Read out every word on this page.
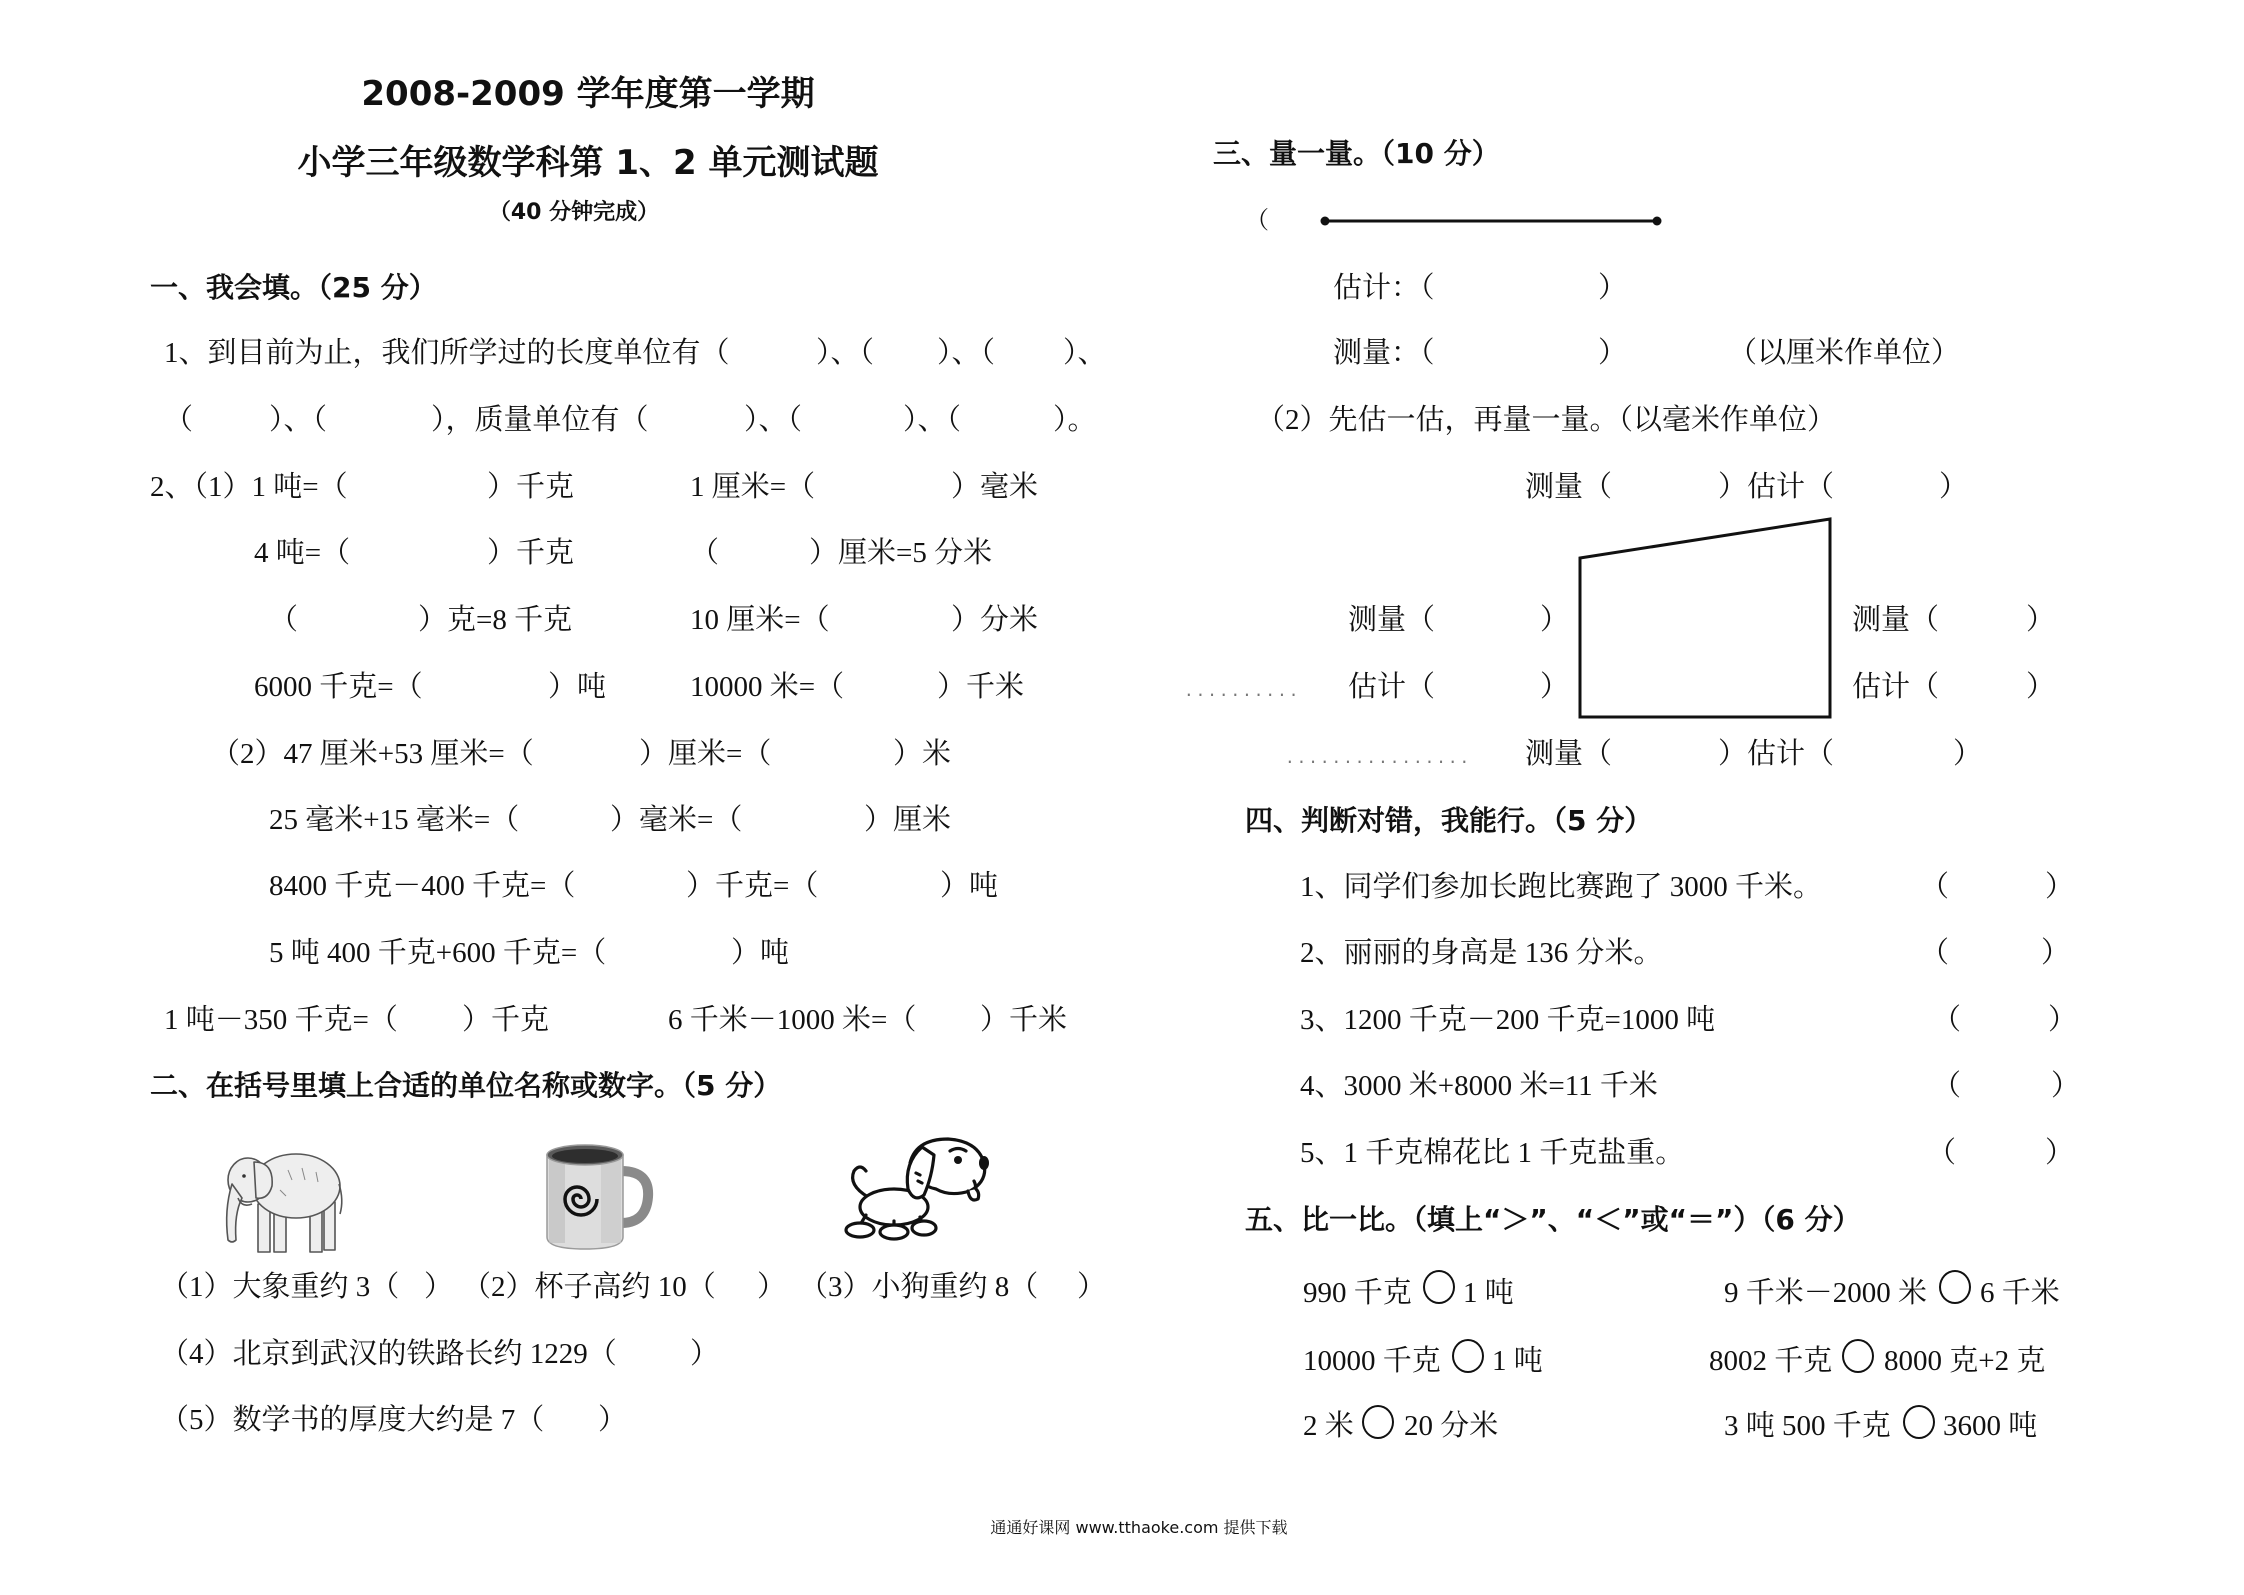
2008-2009 学年度第一学期
小学三年级数学科第 1、2 单元测试题
（40 分钟完成）
一、我会填。（25 分）
1、到目前为止，我们所学过的长度单位有（	）、（ ）、（ ）、
（	）、（	），质量单位有（	）、（	）、（	）。
2、（1）1 吨=（	）千克	1 厘米=（	）毫米
4 吨=（	）千克	（	）厘米=5 分米
（	）克=8 千克	10 厘米=（	）分米
6000 千克=（	）吨	10000 米=（	）千米
（2）47 厘米+53 厘米=（	）厘米=（	）米
25 毫米+15 毫米=（	）毫米=（	）厘米
8400 千克－400 千克=（	）千克=（	）吨
5 吨 400 千克+600 千克=（	）吨
1 吨－350 千克=（ ）千克	6 千米－1000 米=（ ）千米
二、在括号里填上合适的单位名称或数字。（5 分）
（1）大象重约 3（ ） （2）杯子高约 10（ ） （3）小狗重约 8（ ）
（4）北京到武汉的铁路长约 1229（	）
（5）数学书的厚度大约是 7（ ）
三、量一量。（10 分）
（
估计：（	）
测量：（	）	（以厘米作单位）
（2）先估一估，再量一量。（以毫米作单位）
测量（	）估计（	）
测量（	）
估计（	）
..........
测量（	）
估计（	）
................ 测量（	）估计（	）
四、判断对错，我能行。（5 分）
1、同学们参加长跑比赛跑了 3000 千米。	（	）
2、丽丽的身高是 136 分米。	（	）
3、1200 千克－200 千克=1000 吨	（	）
4、3000 米+8000 米=11 千米	（	）
5、1 千克棉花比 1 千克盐重。	（	）
五、比一比。（填上“＞”、“＜”或“＝”）（6 分）
990 千克 1 吨	9 千米－2000 米 6 千米
10000 千克 1 吨	8002 千克 8000 克+2 克
2 米 20 分米	3 吨 500 千克 3600 吨
通通好课网 www.tthaoke.com 提供下载
